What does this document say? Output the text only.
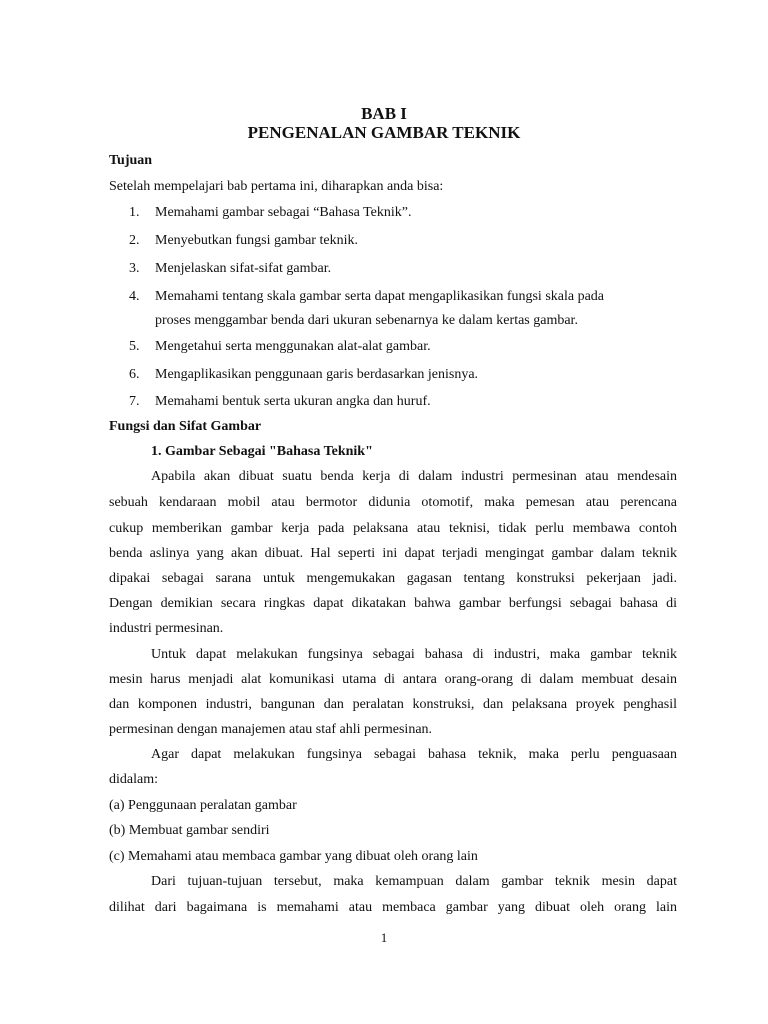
BAB I
PENGENALAN GAMBAR TEKNIK
Tujuan
Setelah mempelajari bab pertama ini, diharapkan anda bisa:
1.	Memahami gambar sebagai “Bahasa Teknik”.
2.	Menyebutkan fungsi gambar teknik.
3.	Menjelaskan sifat-sifat gambar.
4.	Memahami tentang skala gambar serta dapat mengaplikasikan fungsi skala pada
proses menggambar benda dari ukuran sebenarnya ke dalam kertas gambar.
5.	Mengetahui serta menggunakan alat-alat gambar.
6.	Mengaplikasikan penggunaan garis berdasarkan jenisnya.
7.	Memahami bentuk serta ukuran angka dan huruf.
Fungsi dan Sifat Gambar
1. Gambar Sebagai "Bahasa Teknik"
Apabila akan dibuat suatu benda kerja di dalam industri permesinan atau mendesain
sebuah kendaraan mobil atau bermotor didunia otomotif, maka pemesan atau perencana
cukup memberikan gambar kerja pada pelaksana atau teknisi, tidak perlu membawa contoh
benda aslinya yang akan dibuat. Hal seperti ini dapat terjadi mengingat gambar dalam teknik
dipakai sebagai sarana untuk mengemukakan gagasan tentang konstruksi pekerjaan jadi.
Dengan demikian secara ringkas dapat dikatakan bahwa gambar berfungsi sebagai bahasa di
industri permesinan.
Untuk dapat melakukan fungsinya sebagai bahasa di industri, maka gambar teknik
mesin harus menjadi alat komunikasi utama di antara orang-orang di dalam membuat desain
dan komponen industri, bangunan dan peralatan konstruksi, dan pelaksana proyek penghasil
permesinan dengan manajemen atau staf ahli permesinan.
Agar dapat melakukan fungsinya sebagai bahasa teknik, maka perlu penguasaan
didalam:
(a) Penggunaan peralatan gambar
(b) Membuat gambar sendiri
(c) Memahami atau membaca gambar yang dibuat oleh orang lain
Dari tujuan-tujuan tersebut, maka kemampuan dalam gambar teknik mesin dapat
dilihat dari bagaimana is memahami atau membaca gambar yang dibuat oleh orang lain
1
